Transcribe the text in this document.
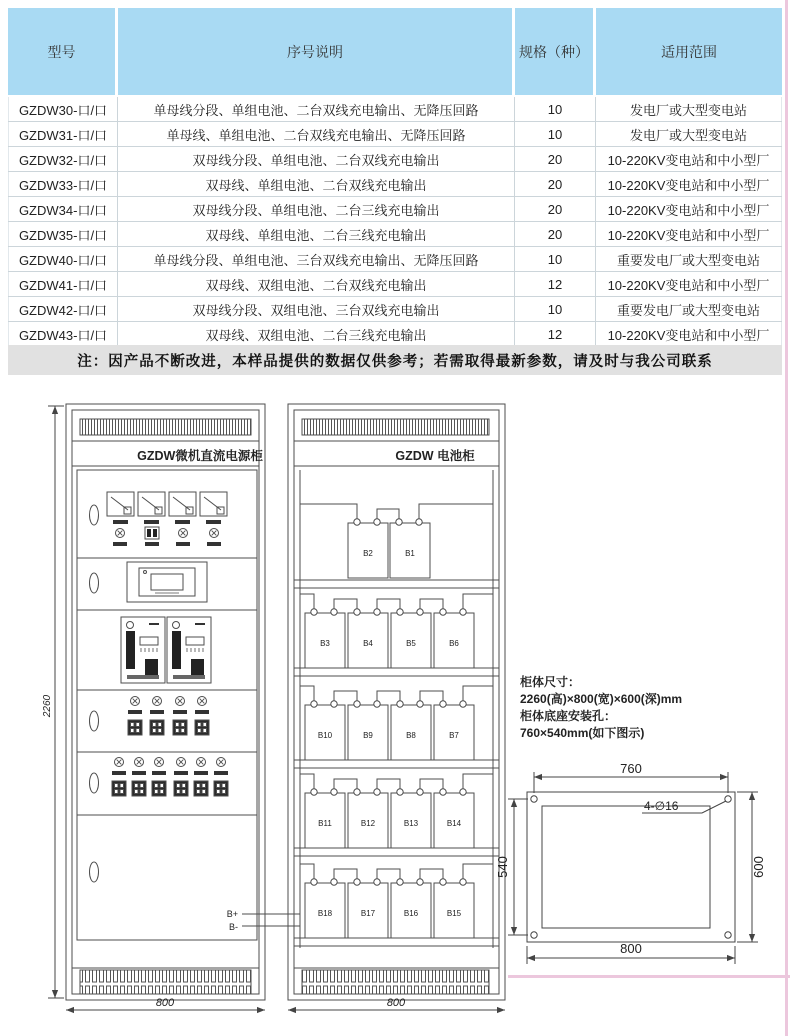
型号	序号说明	规格（种）	适用范围
GZDW30-口/口	单母线分段、单组电池、二台双线充电输出、无降压回路	10	发电厂或大型变电站
GZDW31-口/口	单母线、单组电池、二台双线充电输出、无降压回路	10	发电厂或大型变电站
GZDW32-口/口	双母线分段、单组电池、二台双线充电输出	20	10-220KV变电站和中小型厂
GZDW33-口/口	双母线、单组电池、二台双线充电输出	20	10-220KV变电站和中小型厂
GZDW34-口/口	双母线分段、单组电池、二台三线充电输出	20	10-220KV变电站和中小型厂
GZDW35-口/口	双母线、单组电池、二台三线充电输出	20	10-220KV变电站和中小型厂
GZDW40-口/口	单母线分段、单组电池、三台双线充电输出、无降压回路	10	重要发电厂或大型变电站
GZDW41-口/口	双母线、双组电池、二台双线充电输出	12	10-220KV变电站和中小型厂
GZDW42-口/口	双母线分段、双组电池、三台双线充电输出	10	重要发电厂或大型变电站
GZDW43-口/口	双母线、双组电池、二台三线充电输出	12	10-220KV变电站和中小型厂
注：因产品不断改进，本样品提供的数据仅供参考；若需取得最新参数，请及时与我公司联系
GZDW微机直流电源柜
B+
B-
GZDW 电池柜
B2	B1
B3	B4	B5	B6
B10	B9	B8	B7
B11	B12	B13	B14
B18	B17	B16	B15
2260
800	800
柜体尺寸：
2260(高)×800(宽)×600(深)mm
柜体底座安装孔：
760×540mm(如下图示)
760
540	600
800
4-∅16
